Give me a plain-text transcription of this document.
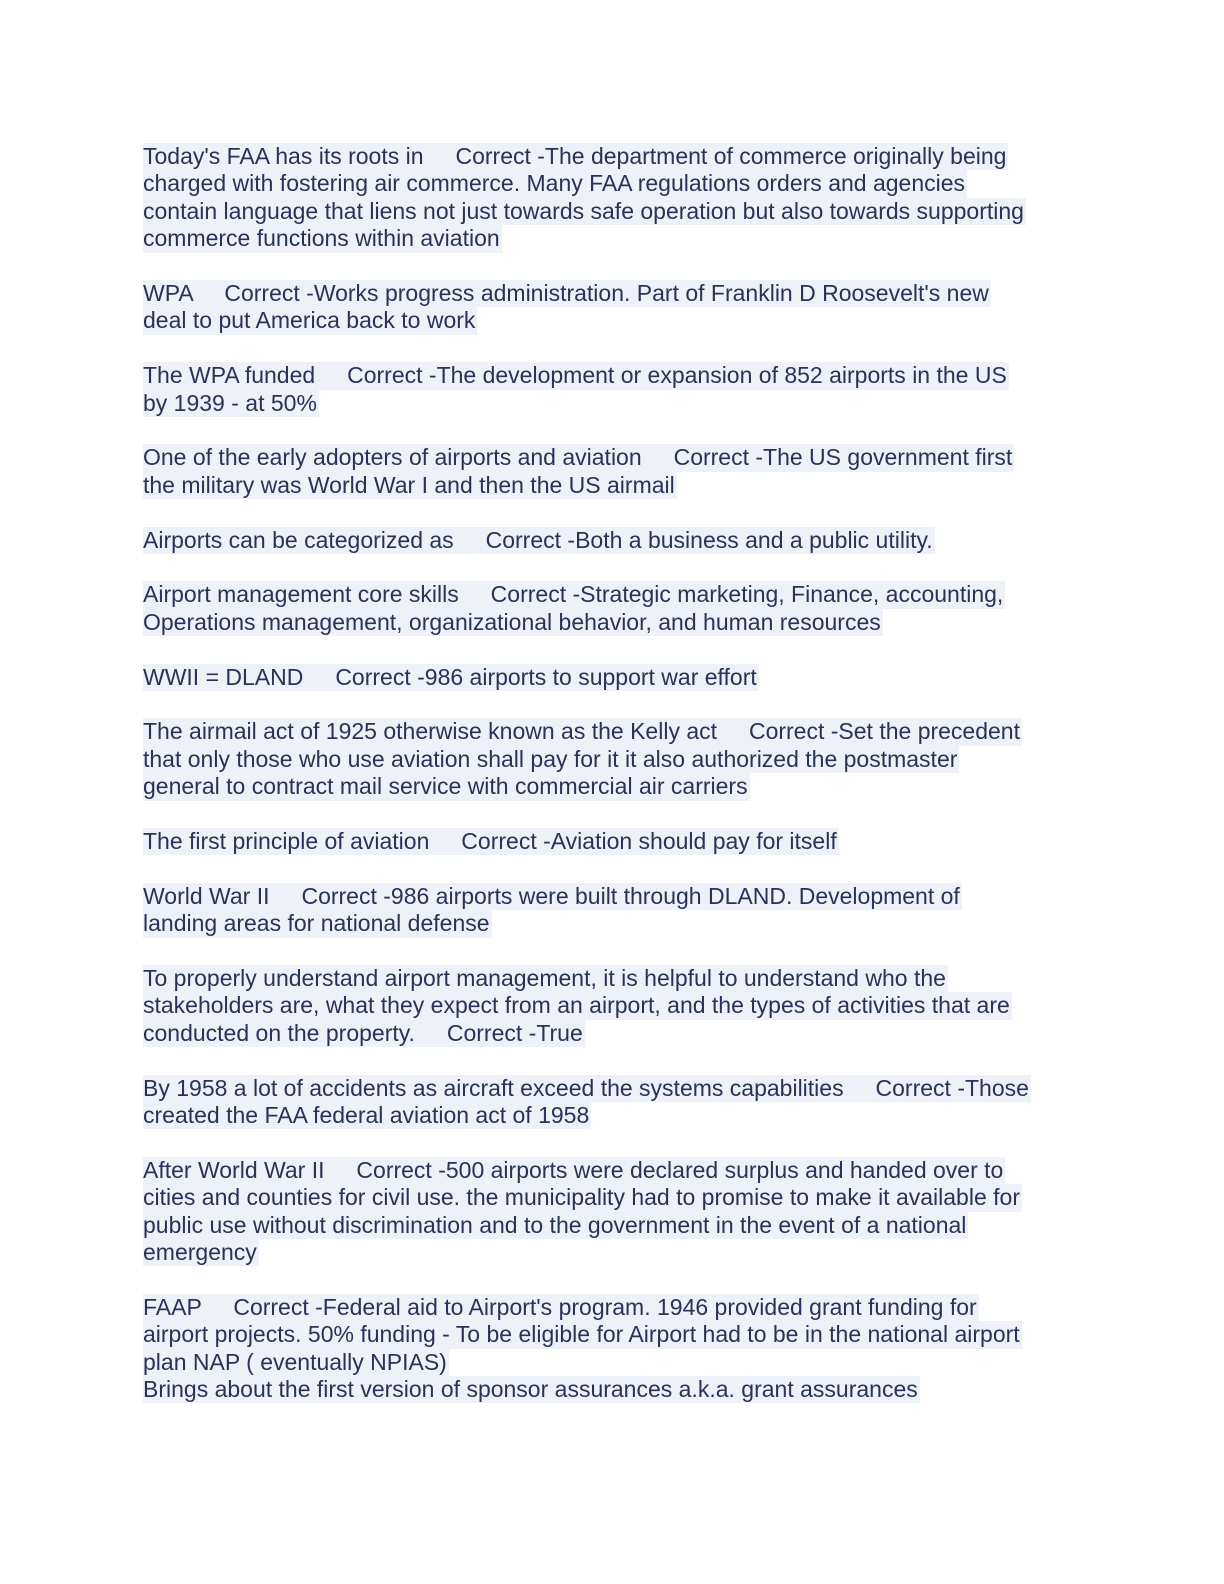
Today's FAA has its roots in     Correct -The department of commerce originally being
charged with fostering air commerce. Many FAA regulations orders and agencies
contain language that liens not just towards safe operation but also towards supporting
commerce functions within aviation
WPA     Correct -Works progress administration. Part of Franklin D Roosevelt's new
deal to put America back to work
The WPA funded     Correct -The development or expansion of 852 airports in the US
by 1939 - at 50%
One of the early adopters of airports and aviation     Correct -The US government first
the military was World War I and then the US airmail
Airports can be categorized as     Correct -Both a business and a public utility.
Airport management core skills     Correct -Strategic marketing, Finance, accounting,
Operations management, organizational behavior, and human resources
WWII = DLAND     Correct -986 airports to support war effort
The airmail act of 1925 otherwise known as the Kelly act     Correct -Set the precedent
that only those who use aviation shall pay for it it also authorized the postmaster
general to contract mail service with commercial air carriers
The first principle of aviation     Correct -Aviation should pay for itself
World War II     Correct -986 airports were built through DLAND. Development of
landing areas for national defense
To properly understand airport management, it is helpful to understand who the
stakeholders are, what they expect from an airport, and the types of activities that are
conducted on the property.     Correct -True
By 1958 a lot of accidents as aircraft exceed the systems capabilities     Correct -Those
created the FAA federal aviation act of 1958
After World War II     Correct -500 airports were declared surplus and handed over to
cities and counties for civil use. the municipality had to promise to make it available for
public use without discrimination and to the government in the event of a national
emergency
FAAP     Correct -Federal aid to Airport's program. 1946 provided grant funding for
airport projects. 50% funding - To be eligible for Airport had to be in the national airport
plan NAP ( eventually NPIAS)
Brings about the first version of sponsor assurances a.k.a. grant assurances
